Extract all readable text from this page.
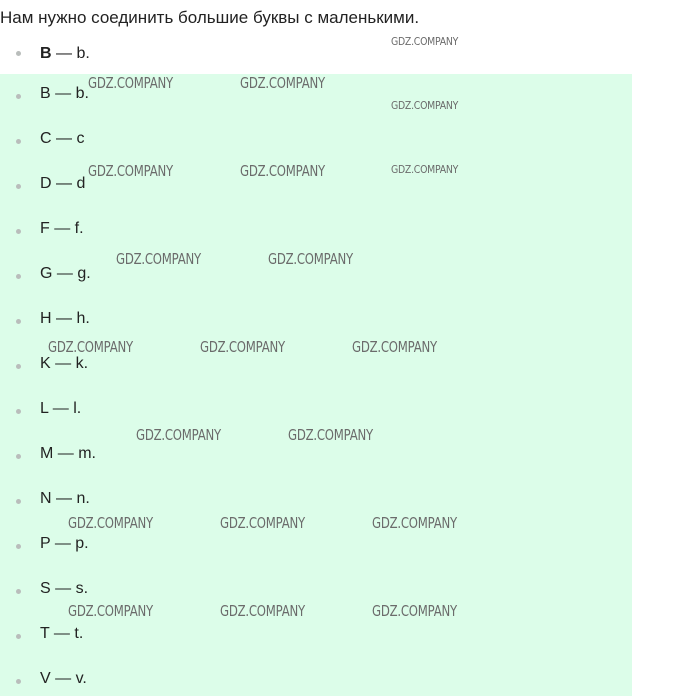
Нам нужно соединить большие буквы с маленькими.
B — b.
B — b.
C — c
D — d
F — f.
G — g.
H — h.
K — k.
L — l.
M — m.
N — n.
P — p.
S — s.
T — t.
V — v.
GDZ.COMPANY
GDZ.COMPANY	GDZ.COMPANY
GDZ.COMPANY
GDZ.COMPANY	GDZ.COMPANY	GDZ.COMPANY
GDZ.COMPANY	GDZ.COMPANY
GDZ.COMPANY	GDZ.COMPANY	GDZ.COMPANY
GDZ.COMPANY	GDZ.COMPANY
GDZ.COMPANY	GDZ.COMPANY	GDZ.COMPANY
GDZ.COMPANY	GDZ.COMPANY	GDZ.COMPANY
